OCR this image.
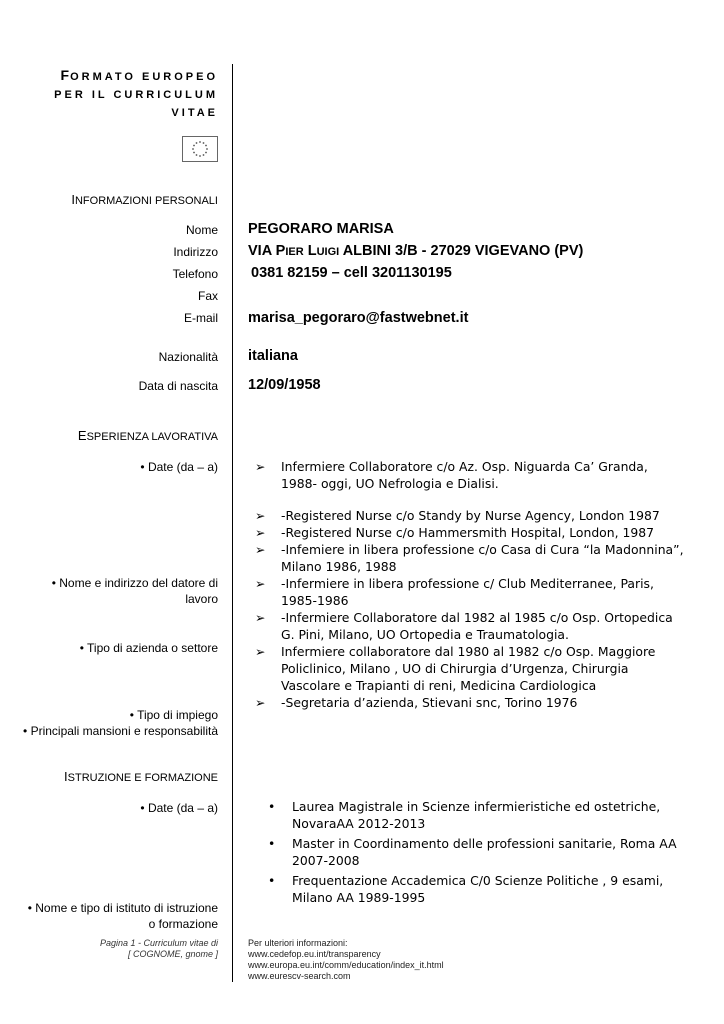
FORMATO EUROPEO
PER IL CURRICULUM
VITAE
INFORMAZIONI PERSONALI
Nome PEGORARO MARISA
Indirizzo VIA PIER LUIGI ALBINI 3/B - 27029 VIGEVANO (PV)
Telefono 0381 82159 – cell 3201130195
Fax
E-mail marisa_pegoraro@fastwebnet.it
Nazionalità italiana
Data di nascita 12/09/1958
ESPERIENZA LAVORATIVA
• Date (da – a)
• Nome e indirizzo del datore di
lavoro
• Tipo di azienda o settore
• Tipo di impiego
• Principali mansioni e responsabilità
➢ Infermiere Collaboratore c/o Az. Osp. Niguarda Ca’ Granda, 1988- oggi, UO Nefrologia e Dialisi.
➢ -Registered Nurse c/o Standy by Nurse Agency, London 1987
➢ -Registered Nurse c/o Hammersmith Hospital, London, 1987
➢ -Infemiere in libera professione c/o Casa di Cura “la Madonnina”, Milano 1986, 1988
➢ -Infermiere in libera professione c/ Club Mediterranee, Paris, 1985-1986
➢ -Infermiere Collaboratore dal 1982 al 1985 c/o Osp. Ortopedica G. Pini, Milano, UO Ortopedia e Traumatologia.
➢ Infermiere collaboratore dal 1980 al 1982 c/o Osp. Maggiore Policlinico, Milano , UO di Chirurgia d’Urgenza, Chirurgia Vascolare e Trapianti di reni, Medicina Cardiologica
➢ -Segretaria d’azienda, Stievani snc, Torino 1976
ISTRUZIONE E FORMAZIONE
• Date (da – a)
• Nome e tipo di istituto di istruzione
o formazione
• Laurea Magistrale in Scienze infermieristiche ed ostetriche, NovaraAA 2012-2013
• Master in Coordinamento delle professioni sanitarie, Roma AA 2007-2008
• Frequentazione Accademica C/0 Scienze Politiche , 9 esami, Milano AA 1989-1995
Pagina 1 - Curriculum vitae di
[ COGNOME, gnome ]
Per ulteriori informazioni:
www.cedefop.eu.int/transparency
www.europa.eu.int/comm/education/index_it.html
www.eurescv-search.com
